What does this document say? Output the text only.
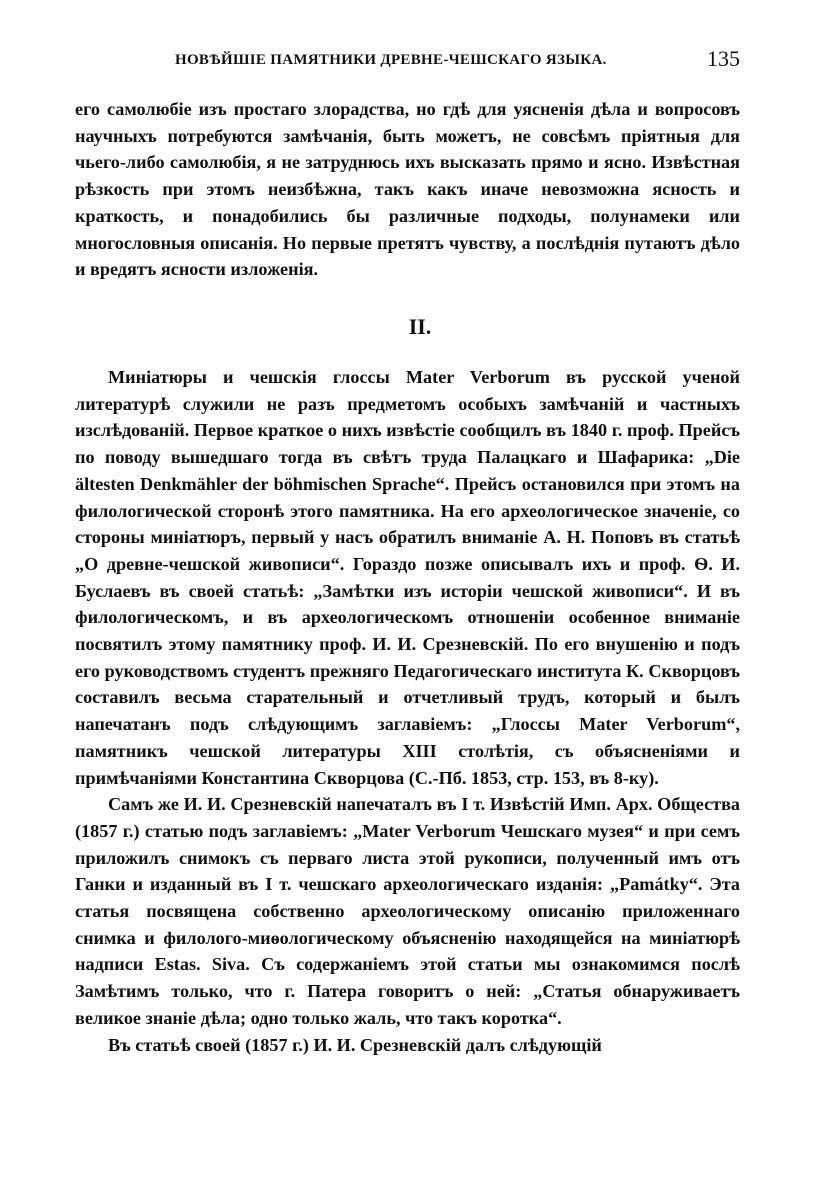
НОВѢЙШІЕ ПАМЯТНИКИ ДРЕВНЕ-ЧЕШСКАГО ЯЗЫКА.	135

его самолюбіе изъ простаго злорадства, но гдѣ для уясненія дѣла и вопросовъ научныхъ потребуются замѣчанія, быть можетъ, не совсѣмъ пріятныя для чьего-либо самолюбія, я не затруднюсь ихъ высказать прямо и ясно. Извѣстная рѣзкость при этомъ неизбѣжна, такъ какъ иначе невозможна ясность и краткость, и понадобились бы различные подходы, полунамеки или многословныя описанія. Но первые претятъ чувству, а послѣднія путаютъ дѣло и вредятъ ясности изложенія.

II.

Миніатюры и чешскія глоссы Mater Verborum въ русской ученой литературѣ служили не разъ предметомъ особыхъ замѣчаній и частныхъ изслѣдованій. Первое краткое о нихъ извѣстіе сообщилъ въ 1840 г. проф. Прейсъ по поводу вышедшаго тогда въ свѣтъ труда Палацкаго и Шафарика: „Die ältesten Denkmähler der böhmischen Sprache“. Прейсъ остановился при этомъ на филологической сторонѣ этого памятника. На его археологическое значеніе, со стороны миніатюръ, первый у насъ обратилъ вниманіе А. Н. Поповъ въ статьѣ „О древне-чешской живописи“. Гораздо позже описывалъ ихъ и проф. Ѳ. И. Буслаевъ въ своей статьѣ: „Замѣтки изъ исторіи чешской живописи“. И въ филологическомъ, и въ археологическомъ отношеніи особенное вниманіе посвятилъ этому памятнику проф. И. И. Срезневскій. По его внушенію и подъ его руководствомъ студентъ прежняго Педагогическаго института К. Скворцовъ составилъ весьма старательный и отчетливый трудъ, который и былъ напечатанъ подъ слѣдующимъ заглавіемъ: „Глоссы Mater Verborum“, памятникъ чешской литературы XIII столѣтія, съ объясненіями и примѣчаніями Константина Скворцова (С.-Пб. 1853, стр. 153, въ 8-ку).

Самъ же И. И. Срезневскій напечаталъ въ I т. Извѣстій Имп. Арх. Общества (1857 г.) статью подъ заглавіемъ: „Mater Verborum Чешскаго музея“ и при семъ приложилъ снимокъ съ перваго листа этой рукописи, полученный имъ отъ Ганки и изданный въ I т. чешскаго археологическаго изданія: „Památky“. Эта статья посвящена собственно археологическому описанію приложеннаго снимка и филолого-миѳологическому объясненію находящейся на миніатюрѣ надписи Estas. Siva. Съ содержаніемъ этой статьи мы ознакомимся послѣ Замѣтимъ только, что г. Патера говоритъ о ней: „Статья обнаруживаетъ великое знаніе дѣла; одно только жаль, что такъ коротка“.

Въ статьѣ своей (1857 г.) И. И. Срезневскій далъ слѣдующій
